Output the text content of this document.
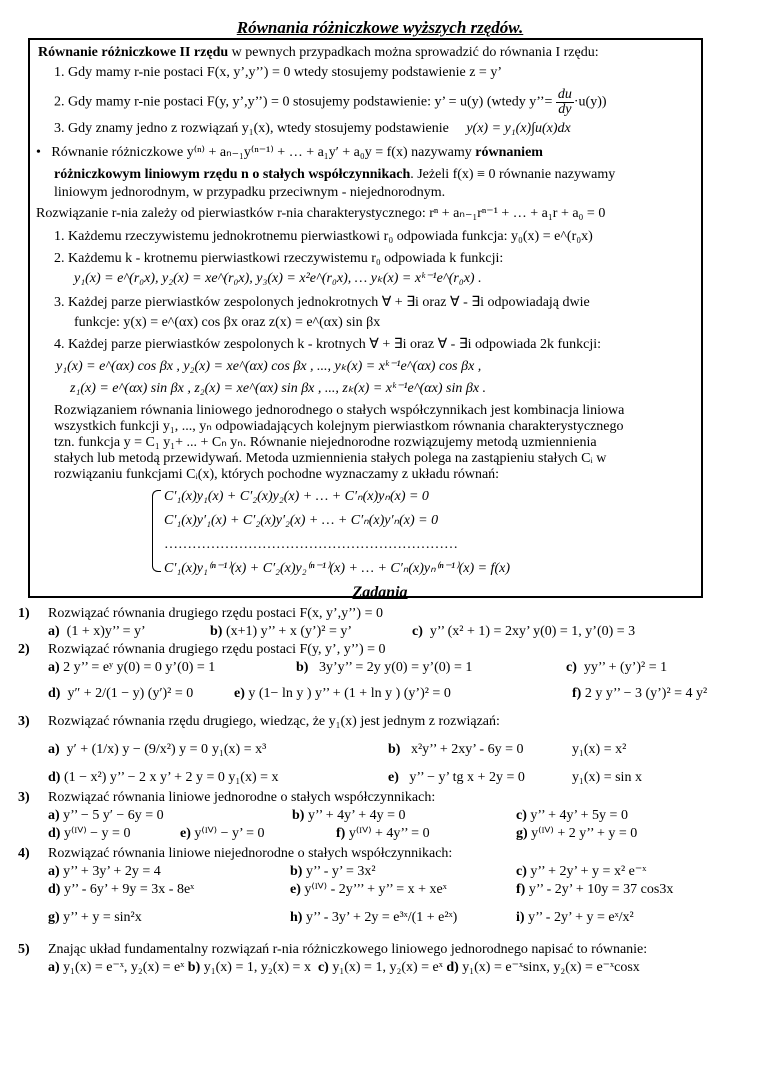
Równania różniczkowe wyższych rzędów.
Równanie różniczkowe II rzędu w pewnych przypadkach można sprowadzić do równania I rzędu:
1. Gdy mamy r-nie postaci F(x, y’,y’’) = 0 wtedy stosujemy podstawienie z = y’
2. Gdy mamy r-nie postaci F(y, y’,y’’) = 0 stosujemy podstawienie: y’ = u(y) (wtedy y’’= $\frac{du}{dy} \cdot u(y)$)
3. Gdy znamy jedno z rozwiązań y₁(x), wtedy stosujemy podstawienie y(x) = y₁(x)∫u(x)dx
• Równanie różniczkowe y⁽ⁿ⁾ + aₙ₋₁y⁽ⁿ⁻¹⁾ + … + a₁y′ + a₀y = f(x) nazywamy równaniem
różniczkowym liniowym rzędu n o stałych współczynnikach. Jeżeli f(x) ≡ 0 równanie nazywamy
liniowym jednorodnym, w przypadku przeciwnym - niejednorodnym.
Rozwiązanie r-nia zależy od pierwiastków r-nia charakterystycznego: rⁿ + aₙ₋₁rⁿ⁻¹ + … + a₁r + a₀ = 0
1. Każdemu rzeczywistemu jednokrotnemu pierwiastkowi r₀ odpowiada funkcja: y₀(x) = e^(r₀x)
2. Każdemu k - krotnemu pierwiastkowi rzeczywistemu r₀ odpowiada k funkcji:
y₁(x) = e^(r₀x), y₂(x) = xe^(r₀x), y₃(x) = x²e^(r₀x), … yₖ(x) = xᵏ⁻¹e^(r₀x) .
3. Każdej parze pierwiastków zespolonych jednokrotnych ∀ + ∃i oraz ∀ - ∃i odpowiadają dwie
funkcje: y(x) = e^(αx) cos βx oraz z(x) = e^(αx) sin βx
4. Każdej parze pierwiastków zespolonych k - krotnych ∀ + ∃i oraz ∀ - ∃i odpowiada 2k funkcji:
y₁(x) = e^(αx) cos βx , y₂(x) = xe^(αx) cos βx , ..., yₖ(x) = xᵏ⁻¹e^(αx) cos βx ,
z₁(x) = e^(αx) sin βx , z₂(x) = xe^(αx) sin βx , ..., zₖ(x) = xᵏ⁻¹e^(αx) sin βx .
Rozwiązaniem równania liniowego jednorodnego o stałych współczynnikach jest kombinacja liniowa
wszystkich funkcji y₁, ..., yₙ odpowiadających kolejnym pierwiastkom równania charakterystycznego
tzn. funkcja y = C₁ y₁+ ... + Cₙ yₙ. Równanie niejednorodne rozwiązujemy metodą uzmiennienia
stałych lub metodą przewidywań. Metoda uzmiennienia stałych polega na zastąpieniu stałych Cᵢ w
rozwiązaniu funkcjami Cᵢ(x), których pochodne wyznaczamy z układu równań:
C′₁(x)y₁(x) + C′₂(x)y₂(x) + … + C′ₙ(x)yₙ(x) = 0
C′₁(x)y′₁(x) + C′₂(x)y′₂(x) + … + C′ₙ(x)y′ₙ(x) = 0
………………………………………………………
C′₁(x)y₁⁽ⁿ⁻¹⁾(x) + C′₂(x)y₂⁽ⁿ⁻¹⁾(x) + … + C′ₙ(x)yₙ⁽ⁿ⁻¹⁾(x) = f(x)
Zadania
1) Rozwiązać równania drugiego rzędu postaci F(x, y’,y’’) = 0
a) (1 + x)y’’ = y’	b) (x+1) y’’ + x (y’)² = y’	c) y’’ (x² + 1) = 2xy’ y(0) = 1, y’(0) = 3
2) Rozwiązać równania drugiego rzędu postaci F(y, y’, y’’) = 0
a) 2 y’’ = eʸ y(0) = 0 y’(0) = 1	b) 3y’y’’ = 2y y(0) = y’(0) = 1	c) yy’’ + (y’)² = 1
d) y″ + 2/(1 − y) (y′)² = 0	e) y (1− ln y ) y’’ + (1 + ln y ) (y’)² = 0	f) 2 y y’’ − 3 (y’)² = 4 y²
3) Rozwiązać równania rzędu drugiego, wiedząc, że y₁(x) jest jednym z rozwiązań:
a) y′ + (1/x) y − (9/x²) y = 0 y₁(x) = x³	b) x²y’’ + 2xy’ - 6y = 0	y₁(x) = x²
d) (1 − x²) y’’ − 2 x y’ + 2 y = 0 y₁(x) = x	e) y’’ − y’ tg x + 2y = 0	y₁(x) = sin x
3) Rozwiązać równania liniowe jednorodne o stałych współczynnikach:
a) y’’ − 5 y′ − 6y = 0	b) y’’ + 4y’ + 4y = 0	c) y’’ + 4y’ + 5y = 0
d) y⁽ᴵⱽ⁾ − y = 0	e) y⁽ᴵⱽ⁾ − y’ = 0	f) y⁽ᴵⱽ⁾ + 4y’’ = 0	g) y⁽ᴵⱽ⁾ + 2 y’’ + y = 0
4) Rozwiązać równania liniowe niejednorodne o stałych współczynnikach:
a) y’’ + 3y’ + 2y = 4	b) y’’ - y’ = 3x²	c) y’’ + 2y’ + y = x² e⁻ˣ
d) y’’ - 6y’ + 9y = 3x - 8eˣ	e) y⁽ᴵⱽ⁾ - 2y’’’ + y’’ = x + xeˣ	f) y’’ - 2y’ + 10y = 37 cos3x
g) y’’ + y = sin²x	h) y’’ - 3y’ + 2y = e³ˣ/(1 + e²ˣ)	i) y’’ - 2y’ + y = eˣ/x²
5) Znając układ fundamentalny rozwiązań r-nia różniczkowego liniowego jednorodnego napisać to równanie:
a) y₁(x) = e⁻ˣ, y₂(x) = eˣ b) y₁(x) = 1, y₂(x) = x c) y₁(x) = 1, y₂(x) = eˣ d) y₁(x) = e⁻ˣsinx, y₂(x) = e⁻ˣcosx
